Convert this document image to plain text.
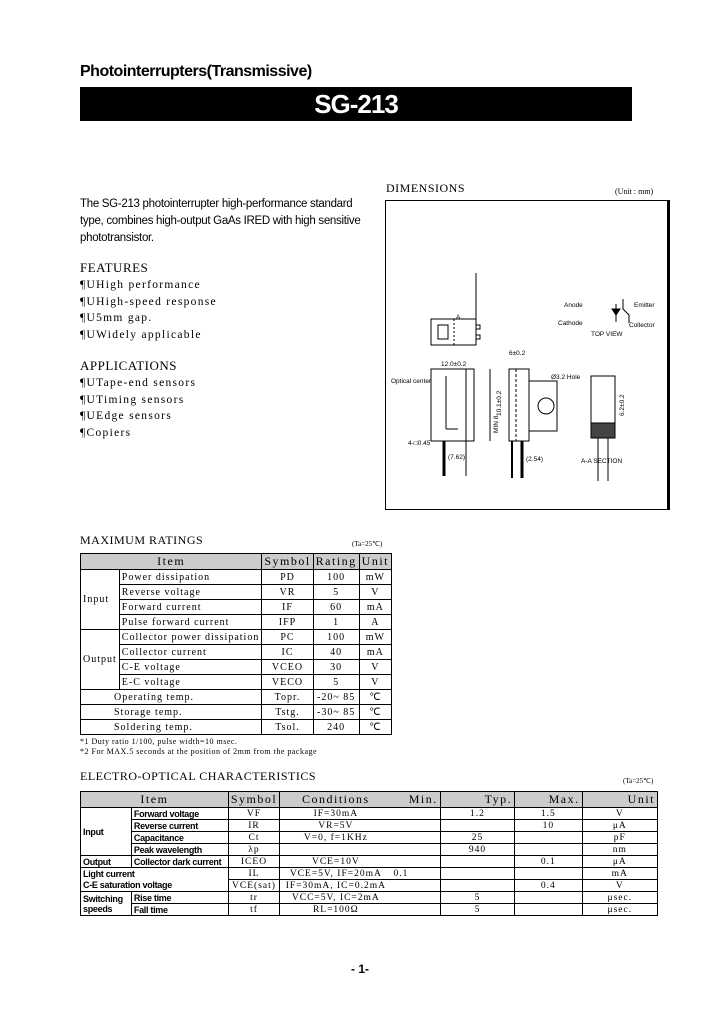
Photointerrupters(Transmissive)
SG-213
The SG-213 photointerrupter high-performance standard type, combines high-output GaAs IRED with high sensitive phototransistor.
FEATURES
¶UHigh performance
¶UHigh-speed response
¶U5mm gap.
¶UWidely applicable
APPLICATIONS
¶UTape-end sensors
¶UTiming sensors
¶UEdge sensors
¶Copiers
DIMENSIONS	(Unit : mm)
Anode
Cathode
Emitter
Collector
TOP VIEW
Optical center
12.0±0.2
6±0.2
(7.62)	(2.54)
4-□0.45
Ø3.2 Hole
A-A SECTION
A
MIN 8
10.1±0.2	6.2±0.2
MAXIMUM RATINGS	(Ta=25℃)
Item		Symbol	Rating	Unit
Input	Power dissipation	PD	100	mW
	Reverse voltage	VR	5	V
	Forward current	IF	60	mA
	Pulse forward current	IFP	1	A
Output	Collector power dissipation	PC	100	mW
	Collector current	IC	40	mA
	C-E voltage	VCEO	30	V
	E-C voltage	VECO	5	V
Operating temp.		Topr.	-20~ 85	℃
Storage temp.		Tstg.	-30~ 85	℃
Soldering temp.		Tsol.	240	℃
*1 Duty ratio 1/100, pulse width=10 msec.
*2 For MAX.5 seconds at the position of 2mm from the package
ELECTRO-OPTICAL CHARACTERISTICS	(Ta=25℃)
Item		Symbol	Conditions	Min.	Typ.	Max.	Unit
Input	Forward voltage	VF	IF=30mA		1.2	1.5	V
	Reverse current	IR	VR=5V			10	μA
	Capacitance	Ct	V=0, f=1KHz		25		pF
	Peak wavelength	λp			940		nm
Output	Collector dark current	ICEO	VCE=10V			0.1	μA
Light current		IL	VCE=5V, IF=20mA	0.1			mA
C-E saturation voltage		VCE(sat)	IF=30mA, IC=0.2mA			0.4	V
Switching speeds	Rise time	tr	VCC=5V, IC=2mA		5		μsec.
	Fall time	tf	RL=100Ω		5		μsec.
- 1-
